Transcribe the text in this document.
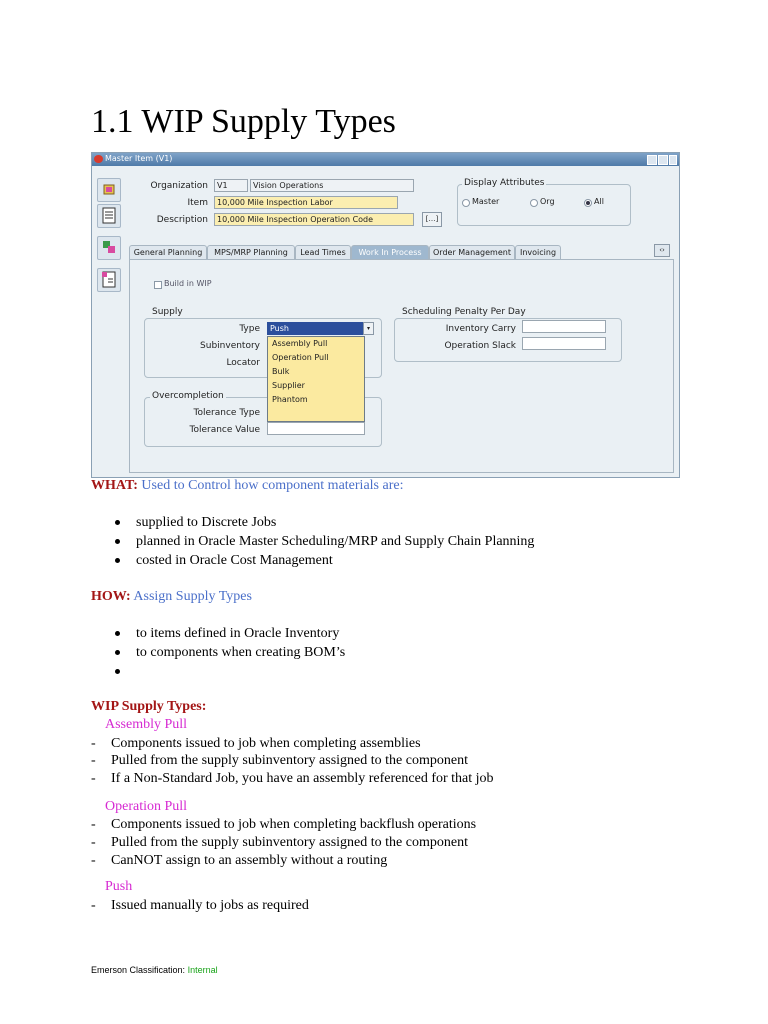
1.1 WIP Supply Types
Master Item (V1)
Organization	V1	Vision Operations
Item	10,000 Mile Inspection Labor
Description	10,000 Mile Inspection Operation Code	[…]
Display Attributes
Master	Org	All
General Planning	MPS/MRP Planning	Lead Times	Work In Process	Order Management	Invoicing	‹›
Build in WIP
Supply
Type	Push	▾
Subinventory
Locator
Scheduling Penalty Per Day
Inventory Carry
Operation Slack
Overcompletion
Tolerance Type
Tolerance Value
Assembly Pull
Operation Pull
Bulk
Supplier
Phantom
WHAT: Used to Control how component materials are:
supplied to Discrete Jobs
planned in Oracle Master Scheduling/MRP and Supply Chain Planning
costed in Oracle Cost Management
HOW: Assign Supply Types
to items defined in Oracle Inventory
to components when creating BOM’s
WIP Supply Types:
Assembly Pull
- Components issued to job when completing assemblies
- Pulled from the supply subinventory assigned to the component
- If a Non-Standard Job, you have an assembly referenced for that job
Operation Pull
- Components issued to job when completing backflush operations
- Pulled from the supply subinventory assigned to the component
- CanNOT assign to an assembly without a routing
Push
- Issued manually to jobs as required
Emerson Classification: Internal
